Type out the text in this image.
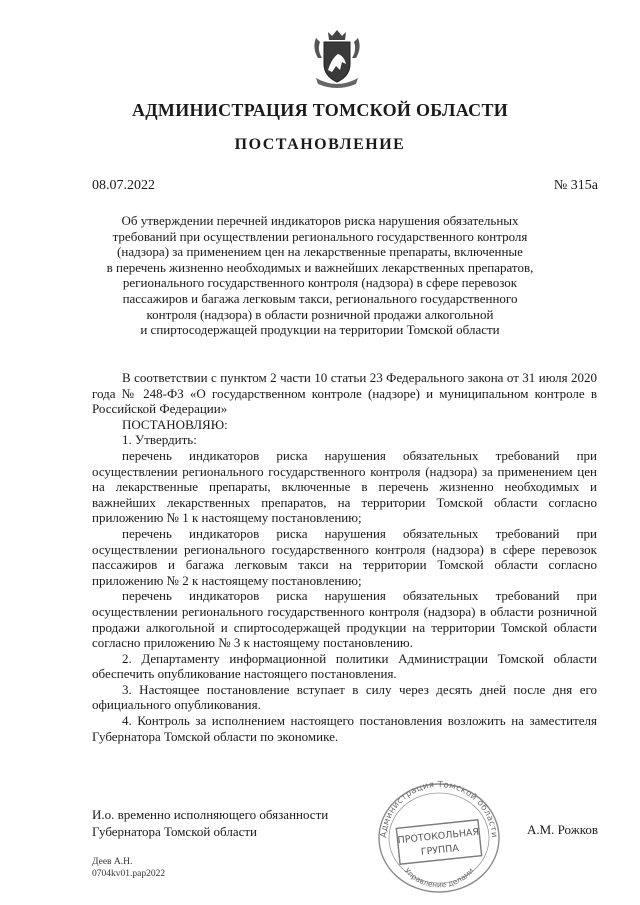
АДМИНИСТРАЦИЯ ТОМСКОЙ ОБЛАСТИ
ПОСТАНОВЛЕНИЕ
08.07.2022	№ 315а
Об утверждении перечней индикаторов риска нарушения обязательных
требований при осуществлении регионального государственного контроля
(надзора) за применением цен на лекарственные препараты, включенные
в перечень жизненно необходимых и важнейших лекарственных препаратов,
регионального государственного контроля (надзора) в сфере перевозок
пассажиров и багажа легковым такси, регионального государственного
контроля (надзора) в области розничной продажи алкогольной
и спиртосодержащей продукции на территории Томской области

В соответствии с пунктом 2 части 10 статьи 23 Федерального закона от 31 июля 2020 года № 248-ФЗ «О государственном контроле (надзоре) и муниципальном контроле в Российской Федерации»

ПОСТАНОВЛЯЮ:

1. Утвердить:

перечень индикаторов риска нарушения обязательных требований при осуществлении регионального государственного контроля (надзора) за применением цен на лекарственные препараты, включенные в перечень жизненно необходимых и важнейших лекарственных препаратов, на территории Томской области согласно приложению № 1 к настоящему постановлению;

перечень индикаторов риска нарушения обязательных требований при осуществлении регионального государственного контроля (надзора) в сфере перевозок пассажиров и багажа легковым такси на территории Томской области согласно приложению № 2 к настоящему постановлению;

перечень индикаторов риска нарушения обязательных требований при осуществлении регионального государственного контроля (надзора) в области розничной продажи алкогольной и спиртосодержащей продукции на территории Томской области согласно приложению № 3 к настоящему постановлению.

2. Департаменту информационной политики Администрации Томской области обеспечить опубликование настоящего постановления.

3. Настоящее постановление вступает в силу через десять дней после дня его официального опубликования.

4. Контроль за исполнением настоящего постановления возложить на заместителя Губернатора Томской области по экономике.

И.о. временно исполняющего обязанности
Губернатора Томской области	А.М. Рожков
Администрация Томской области
Управление делами
ПРОТОКОЛЬНАЯ
ГРУППА
Деев А.Н.
0704kv01.pap2022
